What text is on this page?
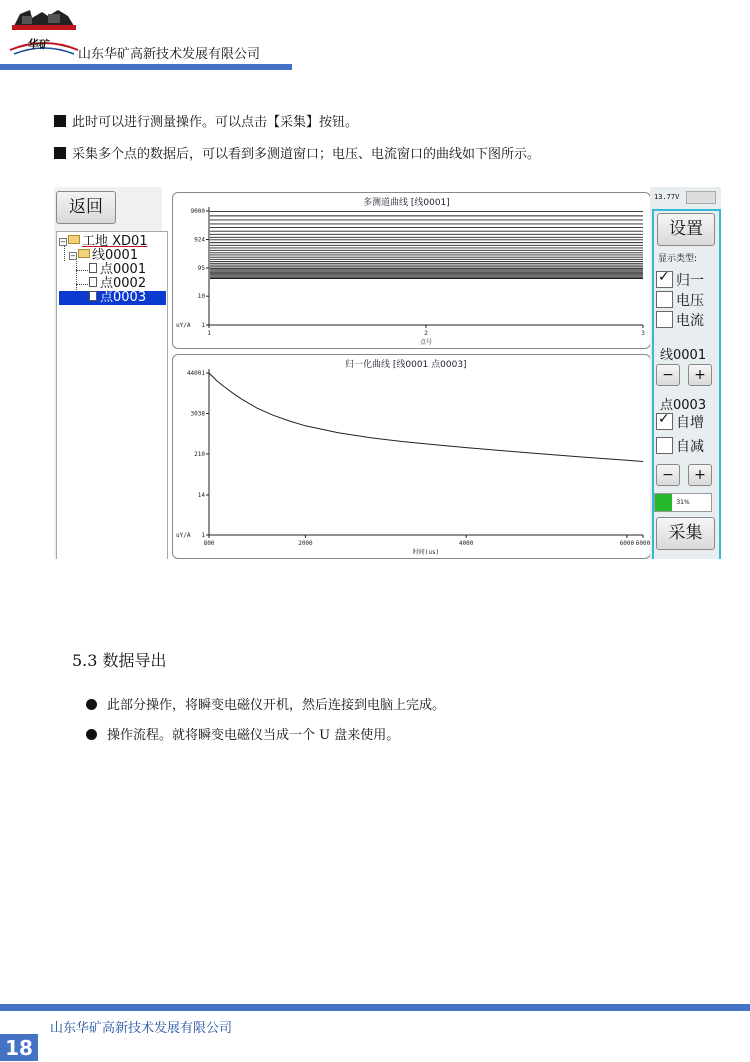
华矿
山东华矿高新技术发展有限公司
此时可以进行测量操作。可以点击【采集】按钮。
采集多个点的数据后，可以看到多测道窗口；电压、电流窗口的曲线如下图所示。
返回
− 工地 XD01
− 线0001
点0001
点0002
点0003
多测道曲线 [线0001]
9000
924
95
10
1
1	2	3
uY/A
点号
归一化曲线 [线0001 点0003]
44001
3038
210
14
1
800	2000	4000	6000 6000
uY/A
时间(us)
13.77V
设置
显示类型:
✓
归一
电压
电流
线0001
−	+
点0003
✓
自增
自减
−	+
31%
采集
5.3 数据导出
此部分操作，将瞬变电磁仪开机，然后连接到电脑上完成。
操作流程。就将瞬变电磁仪当成一个 U 盘来使用。
山东华矿高新技术发展有限公司
18
